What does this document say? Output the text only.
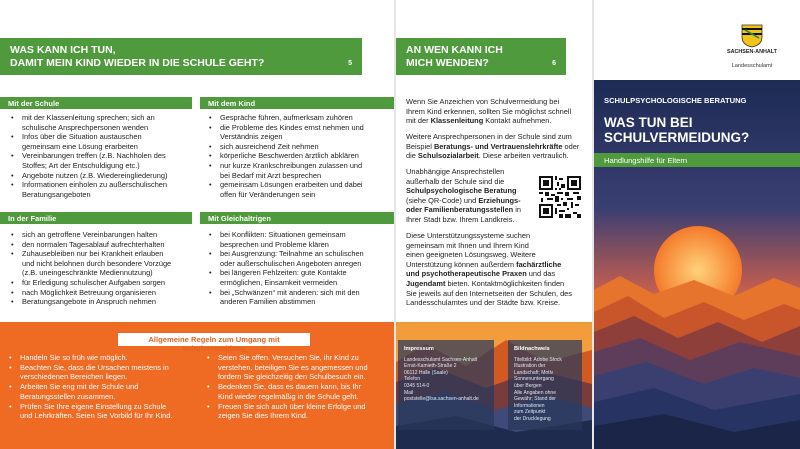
WAS KANN ICH TUN,
DAMIT MEIN KIND WIEDER IN DIE SCHULE GEHT?	5
Mit der Schule
• mit der Klassenleitung sprechen; sich an
schulische Ansprechpersonen wenden
• Infos über die Situation austauschen
gemeinsam eine Lösung erarbeiten
• Vereinbarungen treffen (z.B. Nachholen des
Stoffes; Art der Entschuldigung etc.)
• Angebote nutzen (z.B. Wiedereingliederung)
• Informationen einholen zu außerschulischen
Beratungsangeboten
In der Familie
• sich an getroffene Vereinbarungen halten
• den normalen Tagesablauf aufrechterhalten
• Zuhausebleiben nur bei Krankheit erlauben
und nicht belohnen durch besondere Vorzüge
(z.B. uneingeschränkte Mediennutzung)
• für Erledigung schulischer Aufgaben sorgen
• nach Möglichkeit Betreuung organisieren
• Beratungsangebote in Anspruch nehmen
Mit dem Kind
• Gespräche führen, aufmerksam zuhören
• die Probleme des Kindes ernst nehmen und
Verständnis zeigen
• sich ausreichend Zeit nehmen
• körperliche Beschwerden ärztlich abklären
• nur kurze Krankschreibungen zulassen und
bei Bedarf mit Arzt besprechen
• gemeinsam Lösungen erarbeiten und dabei
offen für Veränderungen sein
Mit Gleichaltrigen
• bei Konflikten: Situationen gemeinsam
besprechen und Probleme klären
• bei Ausgrenzung: Teilnahme an schulischen
oder außerschulischen Angeboten anregen
• bei längeren Fehlzeiten: gute Kontakte
ermöglichen, Einsamkeit vermeiden
• bei „Schwänzen“ mit anderen: sich mit den
anderen Familien abstimmen
Allgemeine Regeln zum Umgang mit Schulvermeidung
• Handeln Sie so früh wie möglich.
• Beachten Sie, dass die Ursachen meistens in
verschiedenen Bereichen liegen.
• Arbeiten Sie eng mit der Schule und
Beratungsstellen zusammen.
• Prüfen Sie Ihre eigene Einstellung zu Schule
und Lehrkräften. Seien Sie Vorbild für Ihr Kind.
• Seien Sie offen. Versuchen Sie, ihr Kind zu
verstehen, beteiligen Sie es angemessen und
fordern Sie gleichzeitig den Schulbesuch ein.
• Bedenken Sie, dass es dauern kann, bis Ihr
Kind wieder regelmäßig in die Schule geht.
• Freuen Sie sich auch über kleine Erfolge und
zeigen Sie dies Ihrem Kind.
AN WEN KANN ICH
MICH WENDEN?	6
Wenn Sie Anzeichen von Schulvermeidung bei
Ihrem Kind erkennen, sollten Sie möglichst schnell
mit der Klassenleitung Kontakt aufnehmen.
Weitere Ansprechpersonen in der Schule sind zum
Beispiel Beratungs- und Vertrauenslehrkräfte oder
die Schulsozialarbeit. Diese arbeiten vertraulich.
Unabhängige Ansprechstellen
außerhalb der Schule sind die
Schulpsychologische Beratung
(siehe QR-Code) und Erziehungs-
oder Familienberatungsstellen in
Ihrer Stadt bzw. Ihrem Landkreis.
Diese Unterstützungssysteme suchen
gemeinsam mit Ihnen und Ihrem Kind
einen geeigneten Lösungsweg. Weitere
Unterstützung können außerdem fachärztliche
und psychotherapeutische Praxen und das
Jugendamt bieten. Kontaktmöglichkeiten finden
Sie jeweils auf den Internetseiten der Schulen, des
Landesschulamtes und der Städte bzw. Kreise.
SACHSEN-ANHALT
Landesschulamt
SCHULPSYCHOLOGISCHE BERATUNG
WAS TUN BEI
SCHULVERMEIDUNG?
Handlungshilfe für Eltern
Impressum
Landesschulamt Sachsen-Anhalt
Ernst-Kamieth-Straße 2
06112 Halle (Saale)
Telefon
0345 514-0
Mail
poststelle@lsa.sachsen-anhalt.de
Bildnachweis
Titelbild: Adobe Stock
Illustration der
Landschaft; Motiv
Sonnenuntergang
über Bergen
Alle Angaben ohne
Gewähr; Stand der
Informationen
zum Zeitpunkt
der Drucklegung
